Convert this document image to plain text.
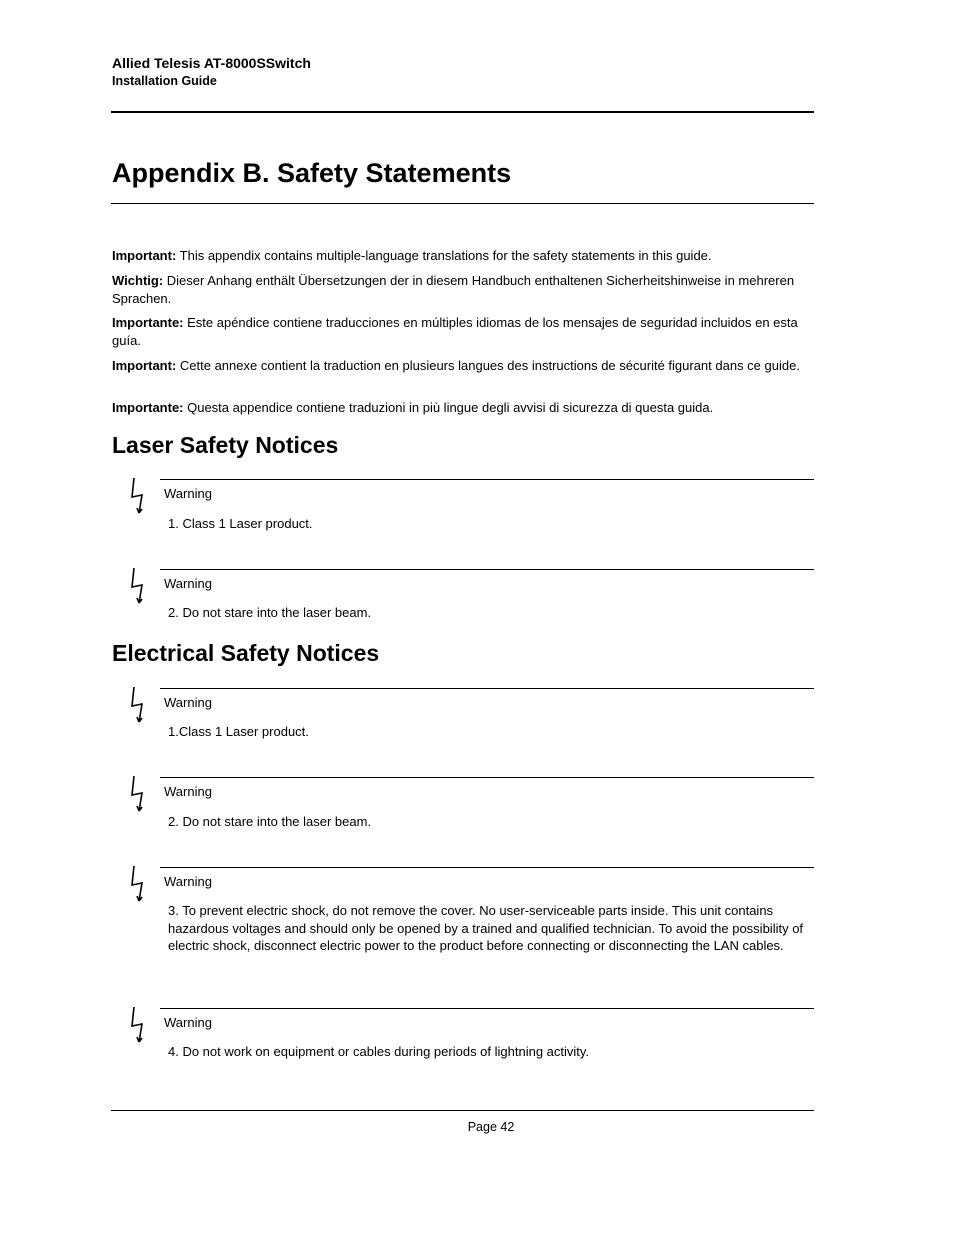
Allied Telesis AT-8000SSwitch
Installation Guide
Appendix B. Safety Statements
Important: This appendix contains multiple-language translations for the safety statements in this guide.
Wichtig: Dieser Anhang enthält Übersetzungen der in diesem Handbuch enthaltenen Sicherheitshinweise in mehreren Sprachen.
Importante: Este apéndice contiene traducciones en múltiples idiomas de los mensajes de seguridad incluidos en esta guía.
Important: Cette annexe contient la traduction en plusieurs langues des instructions de sécurité figurant dans ce guide.
Importante: Questa appendice contiene traduzioni in più lingue degli avvisi di sicurezza di questa guida.
Laser Safety Notices
Warning
1. Class 1 Laser product.
Warning
2. Do not stare into the laser beam.
Electrical Safety Notices
Warning
1.Class 1 Laser product.
Warning
2. Do not stare into the laser beam.
Warning
3. To prevent electric shock, do not remove the cover. No user-serviceable parts inside. This unit contains hazardous voltages and should only be opened by a trained and qualified technician. To avoid the possibility of electric shock, disconnect electric power to the product before connecting or disconnecting the LAN cables.
Warning
4. Do not work on equipment or cables during periods of lightning activity.
Page 42
